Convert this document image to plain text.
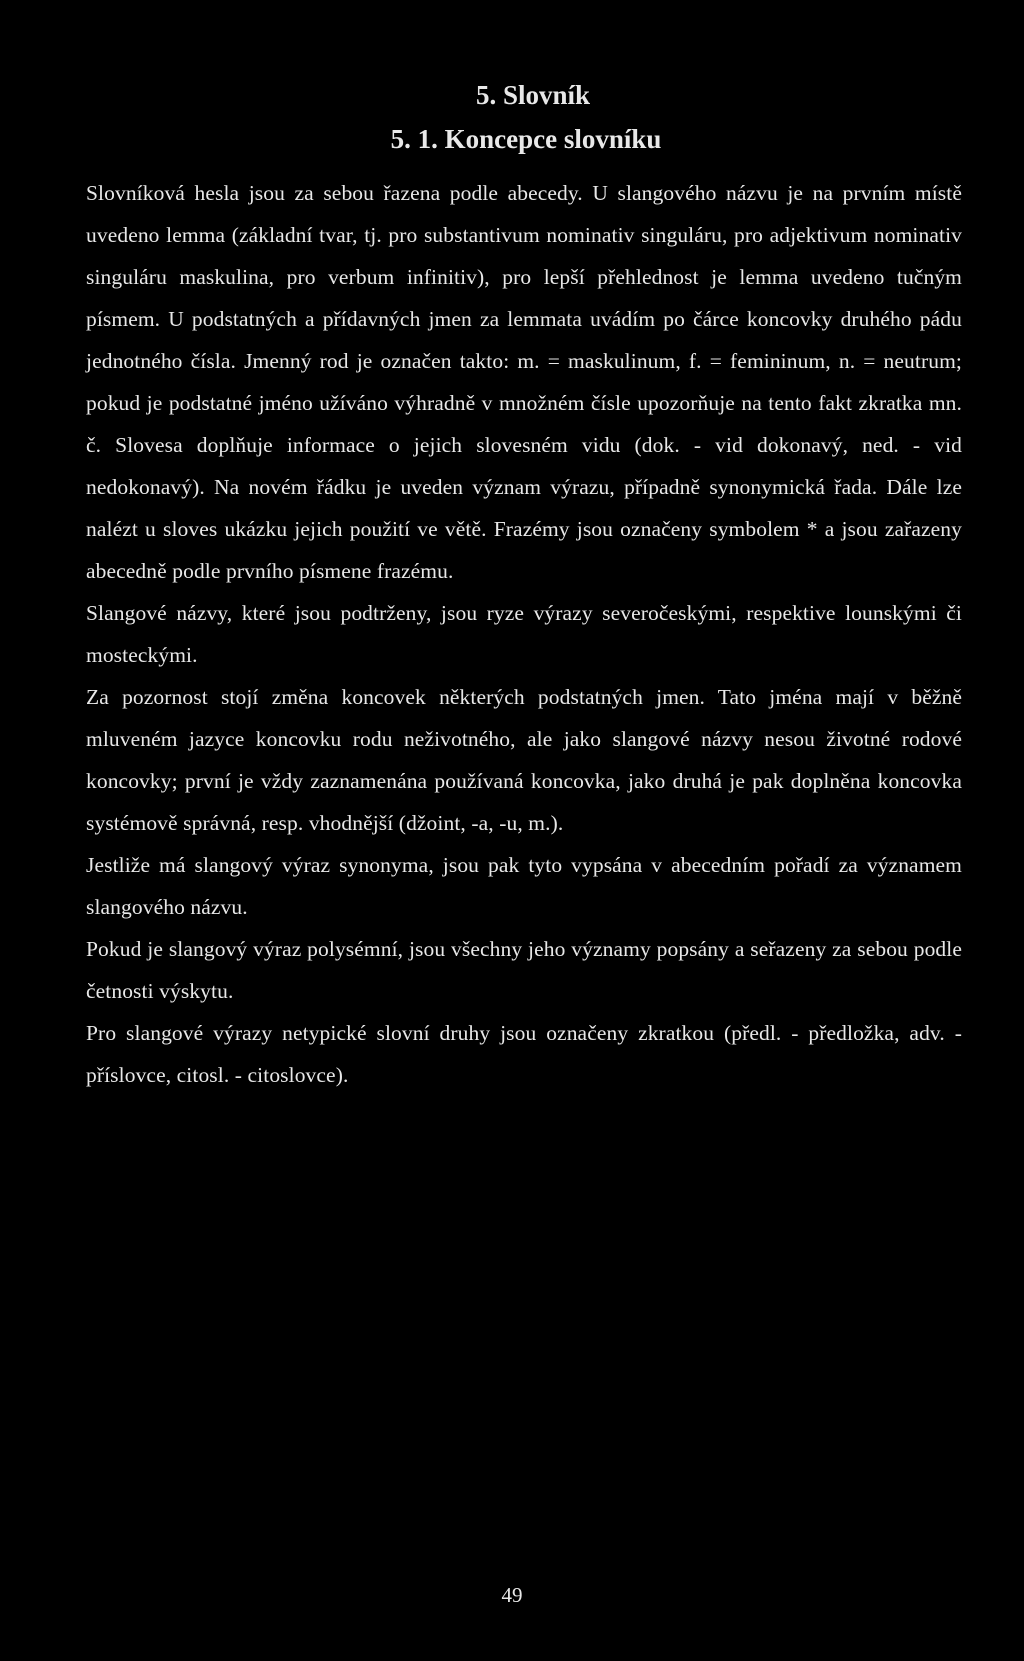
5. Slovník
5. 1. Koncepce slovníku

Slovníková hesla jsou za sebou řazena podle abecedy. U slangového názvu je na prvním místě uvedeno lemma (základní tvar, tj. pro substantivum nominativ singuláru, pro adjektivum nominativ singuláru maskulina, pro verbum infinitiv), pro lepší přehlednost je lemma uvedeno tučným písmem. U podstatných a přídavných jmen za lemmata uvádím po čárce koncovky druhého pádu jednotného čísla. Jmenný rod je označen takto: m. = maskulinum, f. = femininum, n. = neutrum; pokud je podstatné jméno užíváno výhradně v množném čísle upozorňuje na tento fakt zkratka mn. č. Slovesa doplňuje informace o jejich slovesném vidu (dok. - vid dokonavý, ned. - vid nedokonavý). Na novém řádku je uveden význam výrazu, případně synonymická řada. Dále lze nalézt u sloves ukázku jejich použití ve větě. Frazémy jsou označeny symbolem * a jsou zařazeny abecedně podle prvního písmene frazému.

Slangové názvy, které jsou podtrženy, jsou ryze výrazy severočeskými, respektive lounskými či mosteckými.

Za pozornost stojí změna koncovek některých podstatných jmen. Tato jména mají v běžně mluveném jazyce koncovku rodu neživotného, ale jako slangové názvy nesou životné rodové koncovky; první je vždy zaznamenána používaná koncovka, jako druhá je pak doplněna koncovka systémově správná, resp. vhodnější (džoint, -a, -u, m.).

Jestliže má slangový výraz synonyma, jsou pak tyto vypsána v abecedním pořadí za významem slangového názvu.

Pokud je slangový výraz polysémní, jsou všechny jeho významy popsány a seřazeny za sebou podle četnosti výskytu.

Pro slangové výrazy netypické slovní druhy jsou označeny zkratkou (předl. - předložka, adv. -příslovce, citosl. - citoslovce).

49
